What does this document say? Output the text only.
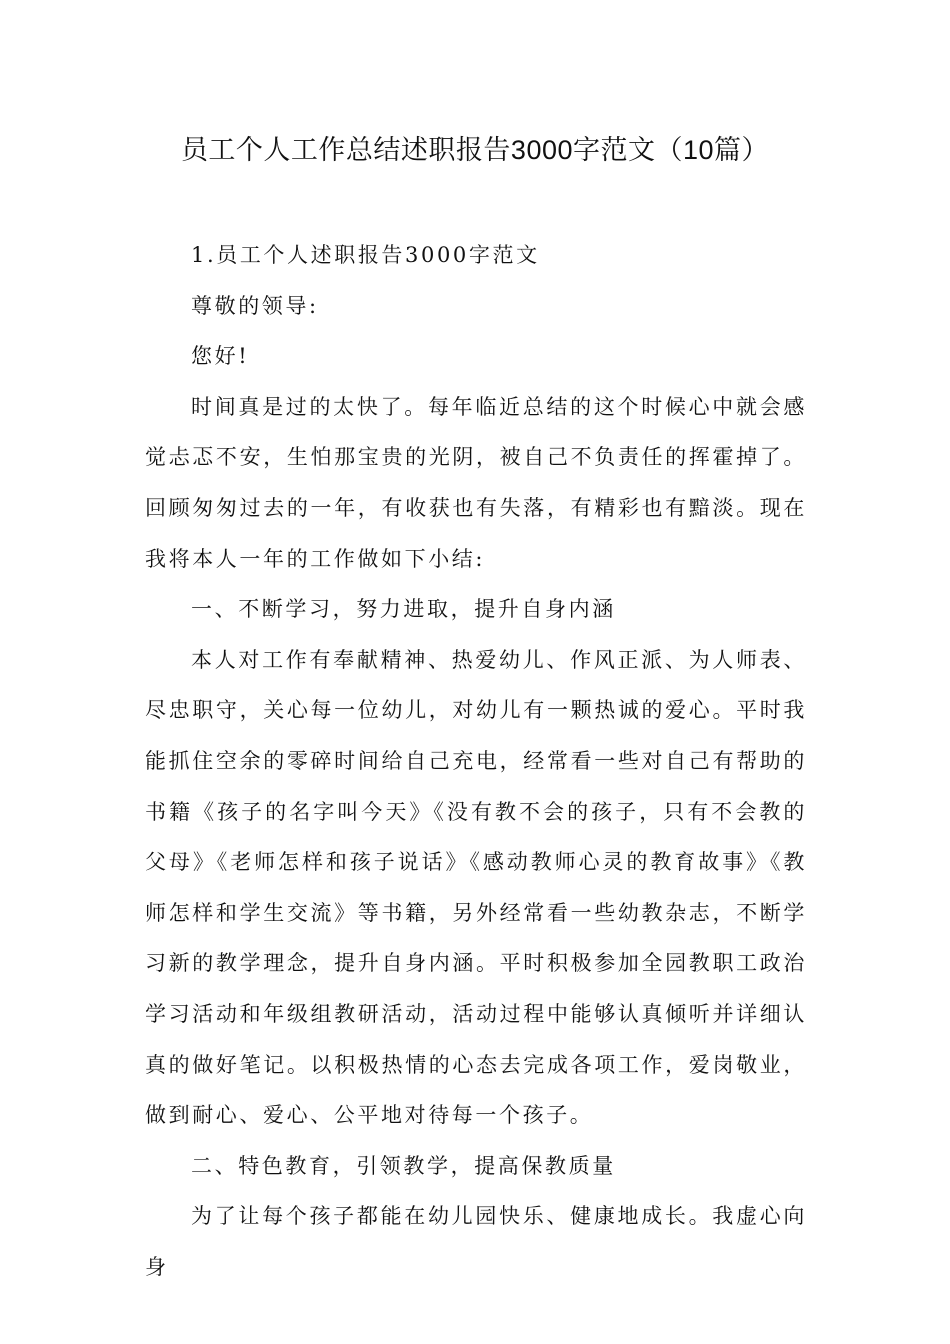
员工个人工作总结述职报告3000字范文（10篇）

1.员工个人述职报告3000字范文

尊敬的领导:

您好!

时间真是过的太快了。每年临近总结的这个时候心中就会感觉忐忑不安，生怕那宝贵的光阴，被自己不负责任的挥霍掉了。回顾匆匆过去的一年，有收获也有失落，有精彩也有黯淡。现在我将本人一年的工作做如下小结:

一、不断学习，努力进取，提升自身内涵

本人对工作有奉献精神、热爱幼儿、作风正派、为人师表、尽忠职守，关心每一位幼儿，对幼儿有一颗热诚的爱心。平时我能抓住空余的零碎时间给自己充电，经常看一些对自己有帮助的书籍《孩子的名字叫今天》《没有教不会的孩子，只有不会教的父母》《老师怎样和孩子说话》《感动教师心灵的教育故事》《教师怎样和学生交流》等书籍，另外经常看一些幼教杂志，不断学习新的教学理念，提升自身内涵。平时积极参加全园教职工政治学习活动和年级组教研活动，活动过程中能够认真倾听并详细认真的做好笔记。以积极热情的心态去完成各项工作，爱岗敬业，做到耐心、爱心、公平地对待每一个孩子。

二、特色教育，引领教学，提高保教质量

为了让每个孩子都能在幼儿园快乐、健康地成长。我虚心向身
